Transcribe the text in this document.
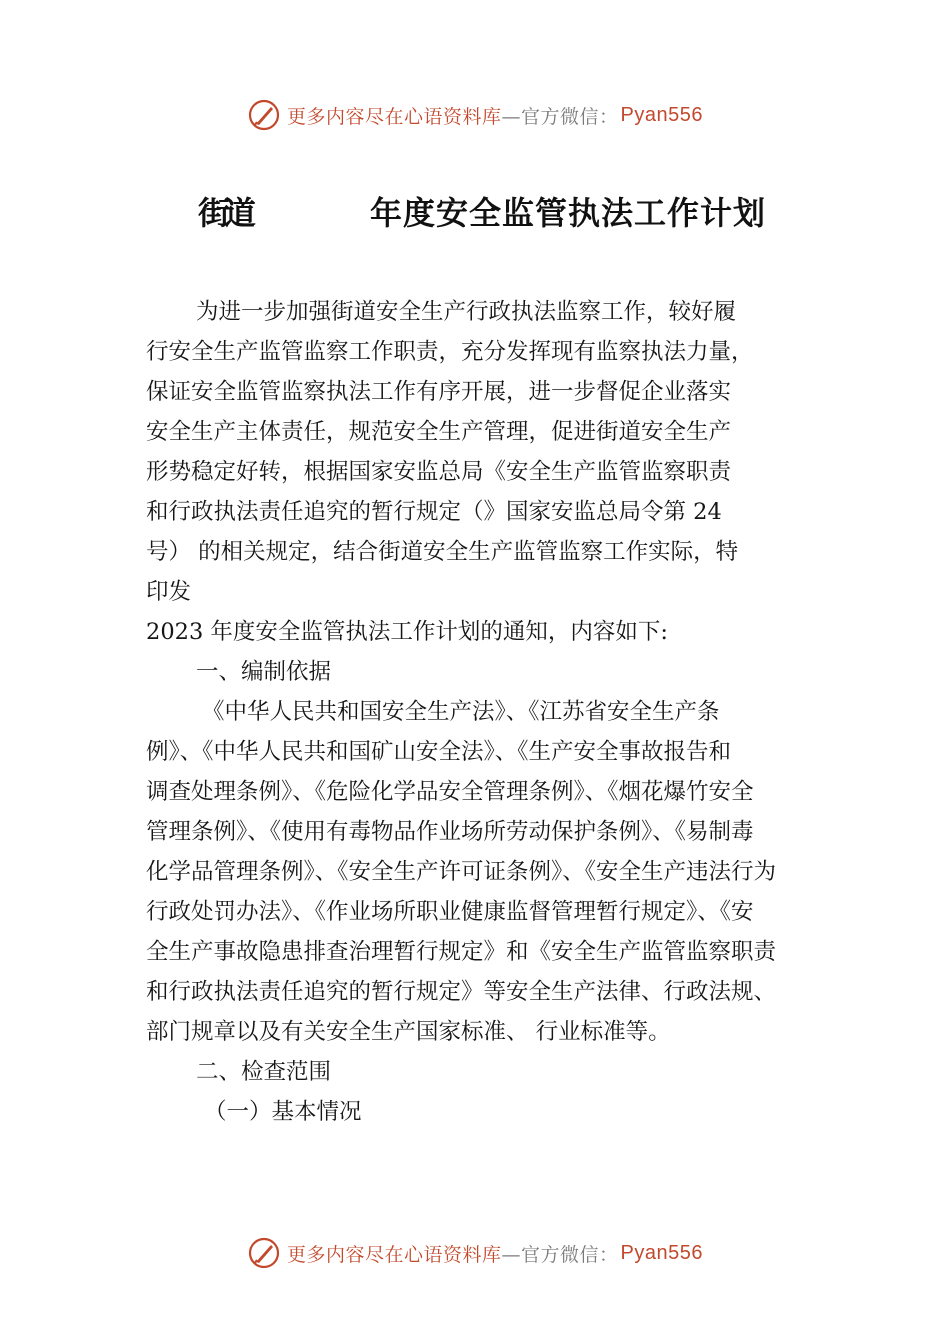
更多内容尽在心语资料库 —官方微信： Pyan556
街道	年度安全监管执法工作计划
为进一步加强街道安全生产行政执法监察工作，较好履
行安全生产监管监察工作职责，充分发挥现有监察执法力量，
保证安全监管监察执法工作有序开展，进一步督促企业落实
安全生产主体责任，规范安全生产管理，促进街道安全生产
形势稳定好转，根据国家安监总局《安全生产监管监察职责
和行政执法责任追究的暂行规定（》国家安监总局令第 24
号） 的相关规定，结合街道安全生产监管监察工作实际，特
印发
2023 年度安全监管执法工作计划的通知，内容如下:
一、编制依据
《中华人民共和国安全生产法》、《江苏省安全生产条
例》、《中华人民共和国矿山安全法》、《生产安全事故报告和
调查处理条例》、《危险化学品安全管理条例》、《烟花爆竹安全
管理条例》、《使用有毒物品作业场所劳动保护条例》、《易制毒
化学品管理条例》、《安全生产许可证条例》、《安全生产违法行为
行政处罚办法》、《作业场所职业健康监督管理暂行规定》、《安
全生产事故隐患排查治理暂行规定》和《安全生产监管监察职责
和行政执法责任追究的暂行规定》等安全生产法律、行政法规、
部门规章以及有关安全生产国家标准、 行业标准等。
二、检查范围
（一）基本情况
更多内容尽在心语资料库 —官方微信： Pyan556
